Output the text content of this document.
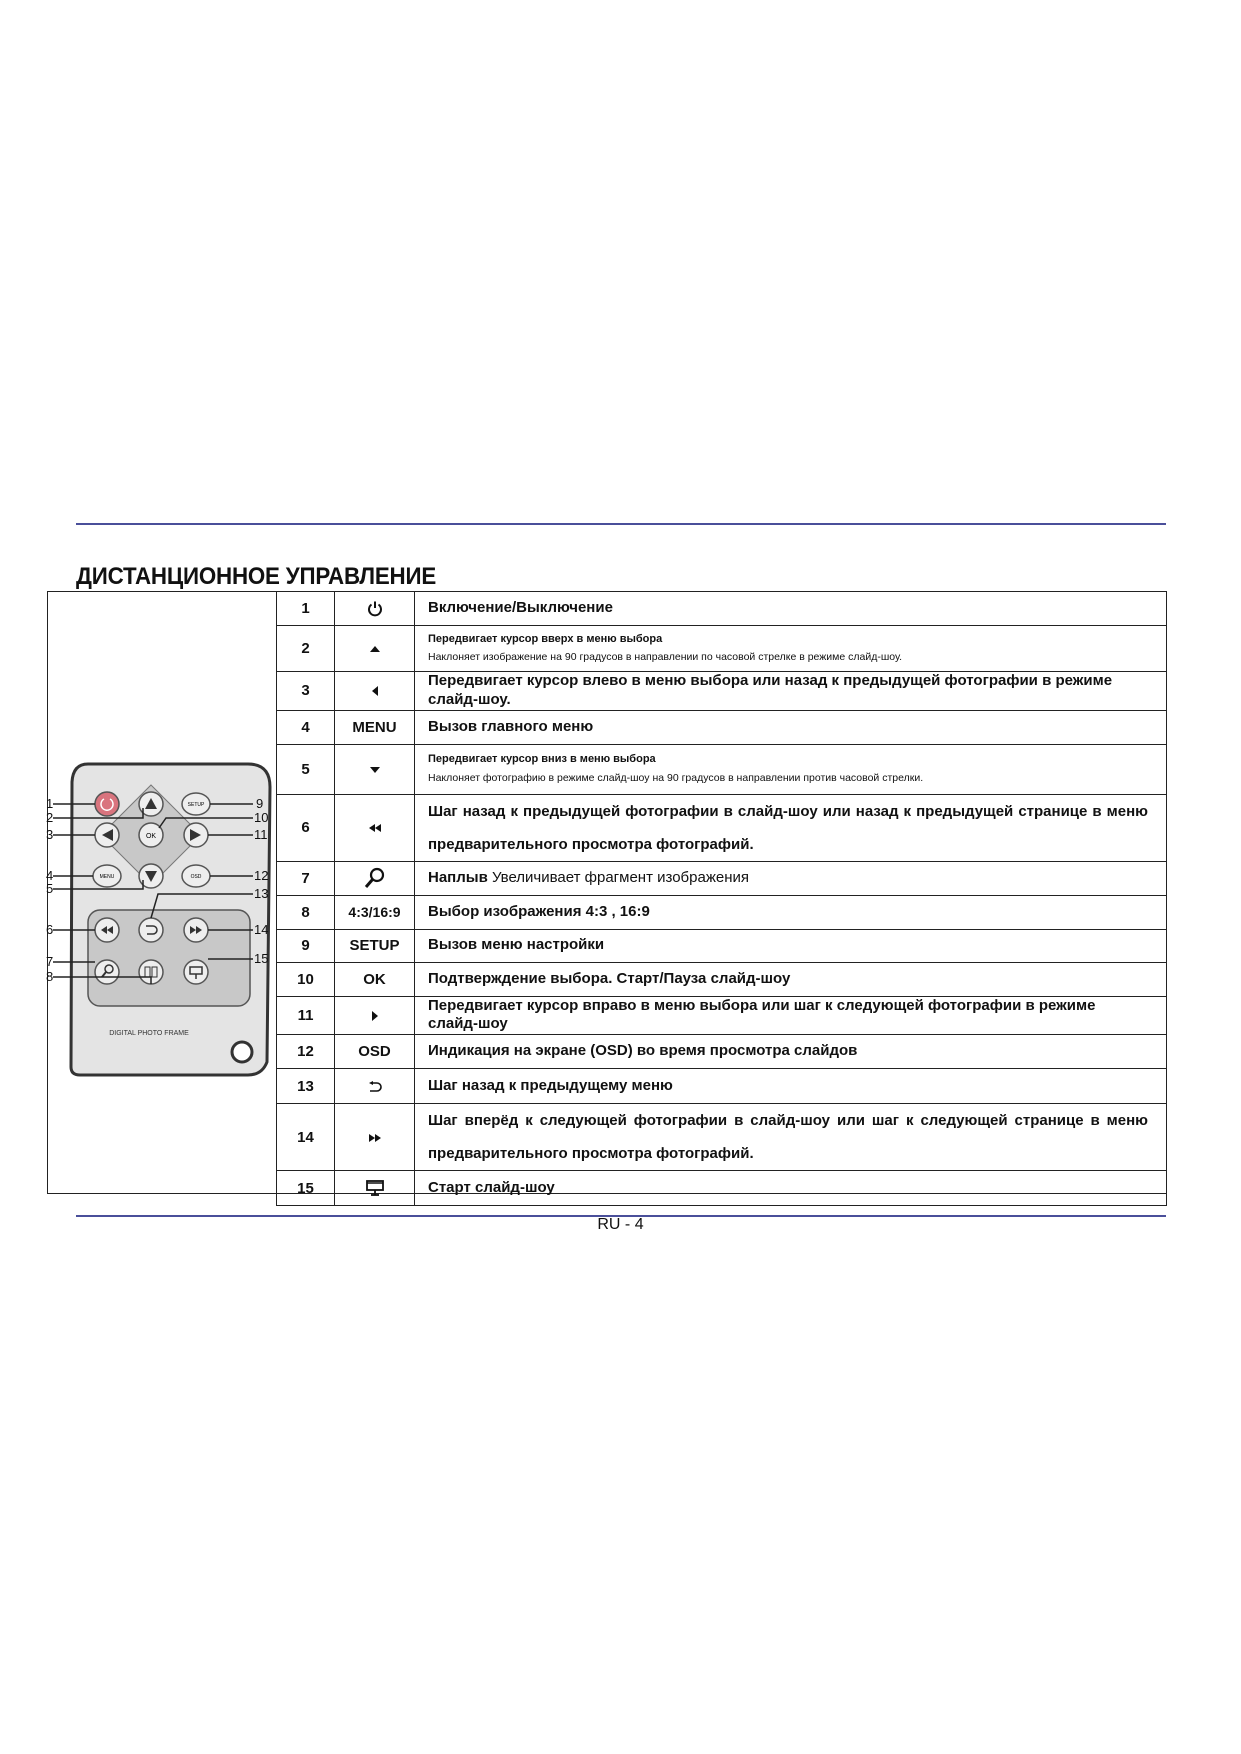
ДИСТАНЦИОННОЕ УПРАВЛЕНИЕ
SETUP
OK
MENU	OSD
DIGITAL PHOTO FRAME
1
2
3
4
5
6
7
8
9
10
11
12
13
14
15
1		Включение/Выключение
2		Передвигает курсор вверх в меню выбора
Наклоняет изображение на 90 градусов в направлении по часовой стрелке в режиме слайд-шоу.

3		Передвигает курсор влево в меню выбора или назад к предыдущей фотографии в режиме слайд-шоу.
4	MENU	Вызов главного меню
5		Передвигает курсор вниз в меню выбора
Наклоняет фотографию в режиме слайд-шоу на 90 градусов в направлении против часовой стрелки.

6		Шаг назад к предыдущей фотографии в слайд-шоу или назад к предыдущей странице в меню предварительного просмотра фотографий.
7		Наплыв Увеличивает фрагмент изображения
8	4:3/16:9	Выбор изображения 4:3 , 16:9
9	SETUP	Вызов меню настройки
10	OK	Подтверждение выбора. Старт/Пауза слайд-шоу
11		Передвигает курсор вправо в меню выбора или шаг к следующей фотографии в режиме слайд-шоу
12	OSD	Индикация на экране (OSD) во время просмотра слайдов
13		Шаг назад к предыдущему меню
14		Шаг вперёд к следующей фотографии в слайд-шоу или шаг к следующей странице в меню предварительного просмотра фотографий.
15		Старт слайд-шоу
RU - 4
